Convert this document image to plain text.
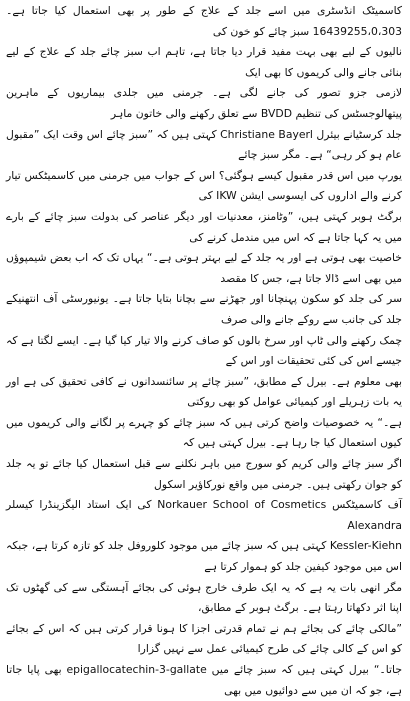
کاسمیٹک انڈسٹری میں اسے جلد کے علاج کے طور پر بھی استعمال کیا جاتا ہے۔ 16439255،0،303 سبز چائے کو خون کی

نالیوں کے لیے بھی بہت مفید قرار دیا جاتا ہے، تاہم اب سبز چائے جلد کے علاج کے لیے بنائی جانے والی کریموں کا بھی ایک

لازمی جزو تصور کی جانے لگی ہے۔ جرمنی میں جلدی بیماریوں کے ماہرین پیتھالوجسٹس کی تنظیم BVDD سے تعلق رکھنے والی خاتون ماہر

جلد کرسٹیانے بیئرل Christiane Bayerl کہتی ہیں کہ ”سبز چائے اس وقت ایک ”مقبول عام ہو کر رہی“ ہے۔ مگر سبز چائے

یورپ میں اس قدر مقبول کیسے ہوگئی؟ اس کے جواب میں جرمنی میں کاسمیٹکس تیار کرنے والے اداروں کی ایسوسی ایشن IKW کی

برگٹ ہوبر کہتی ہیں، ”وٹامنز، معدنیات اور دیگر عناصر کی بدولت سبز چائے کے بارے میں یہ کہا جاتا ہے کہ اس میں مندمل کرنے کی

خاصیت بھی ہوتی ہے اور یہ جلد کے لیے بہتر ہوتی ہے۔“ یہاں تک کہ اب بعض شیمپوؤں میں بھی اسے ڈالا جاتا ہے، جس کا مقصد

سر کی جلد کو سکون پہنچانا اور جھڑنے سے بچانا بتایا جاتا ہے۔ یونیورسٹی آف انتھنیکے جلد کی جانب سے روکے جانے والی صرف

چمک رکھنے والی ٹاپ اور سرخ بالوں کو صاف کرنے والا تیار کیا گیا ہے۔ ایسے لگتا ہے کہ جیسے اس کی کئی تحقیقات اور اس کے

بھی معلوم ہے۔ بیرل کے مطابق، ”سبز چائے پر سائنسدانوں نے کافی تحقیق کی ہے اور یہ بات زہریلے اور کیمیائی عوامل کو بھی روکتی

ہے۔“ یہ خصوصیات واضح کرتی ہیں کہ سبز چائے کو چہرے پر لگانے والی کریموں میں کیوں استعمال کیا جا رہا ہے۔ بیرل کہتی ہیں کہ

اگر سبز چائے والی کریم کو سورج میں باہر نکلنے سے قبل استعمال کیا جائے تو یہ جلد کو جوان رکھتی ہیں۔ جرمنی میں واقع نورکاؤیر اسکول

آف کاسمیٹکس Norkauer School of Cosmetics کی ایک استاد الیگزینڈرا کیسلر Alexandra

Kessler-Kiehn کہتی ہیں کہ سبز چائے میں موجود کلوروفل جلد کو تازہ کرتا ہے، جبکہ اس میں موجود کیفین جلد کو ہموار کرتا ہے

مگر انھی بات یہ ہے کہ یہ ایک طرف خارج ہوئی کی بجائے آہستگی سے کی گھٹوں تک اپنا اثر دکھاتا رہتا ہے۔ برگٹ ہوبر کے مطابق،

”مالکی چائے کی بجائے ہم نے تمام قدرتی اجزا کا ہونا قرار کرتی ہیں کہ اس کے بجائے کو اس کے کالی چائے کی طرح کیمیائی عمل سے نہیں گزارا

جاتا۔“ بیرل کہتی ہیں کہ سبز چائے میں epigallocatechin-3-gallate بھی پایا جاتا ہے، جو کہ ان میں سے دوائیوں میں بھی
